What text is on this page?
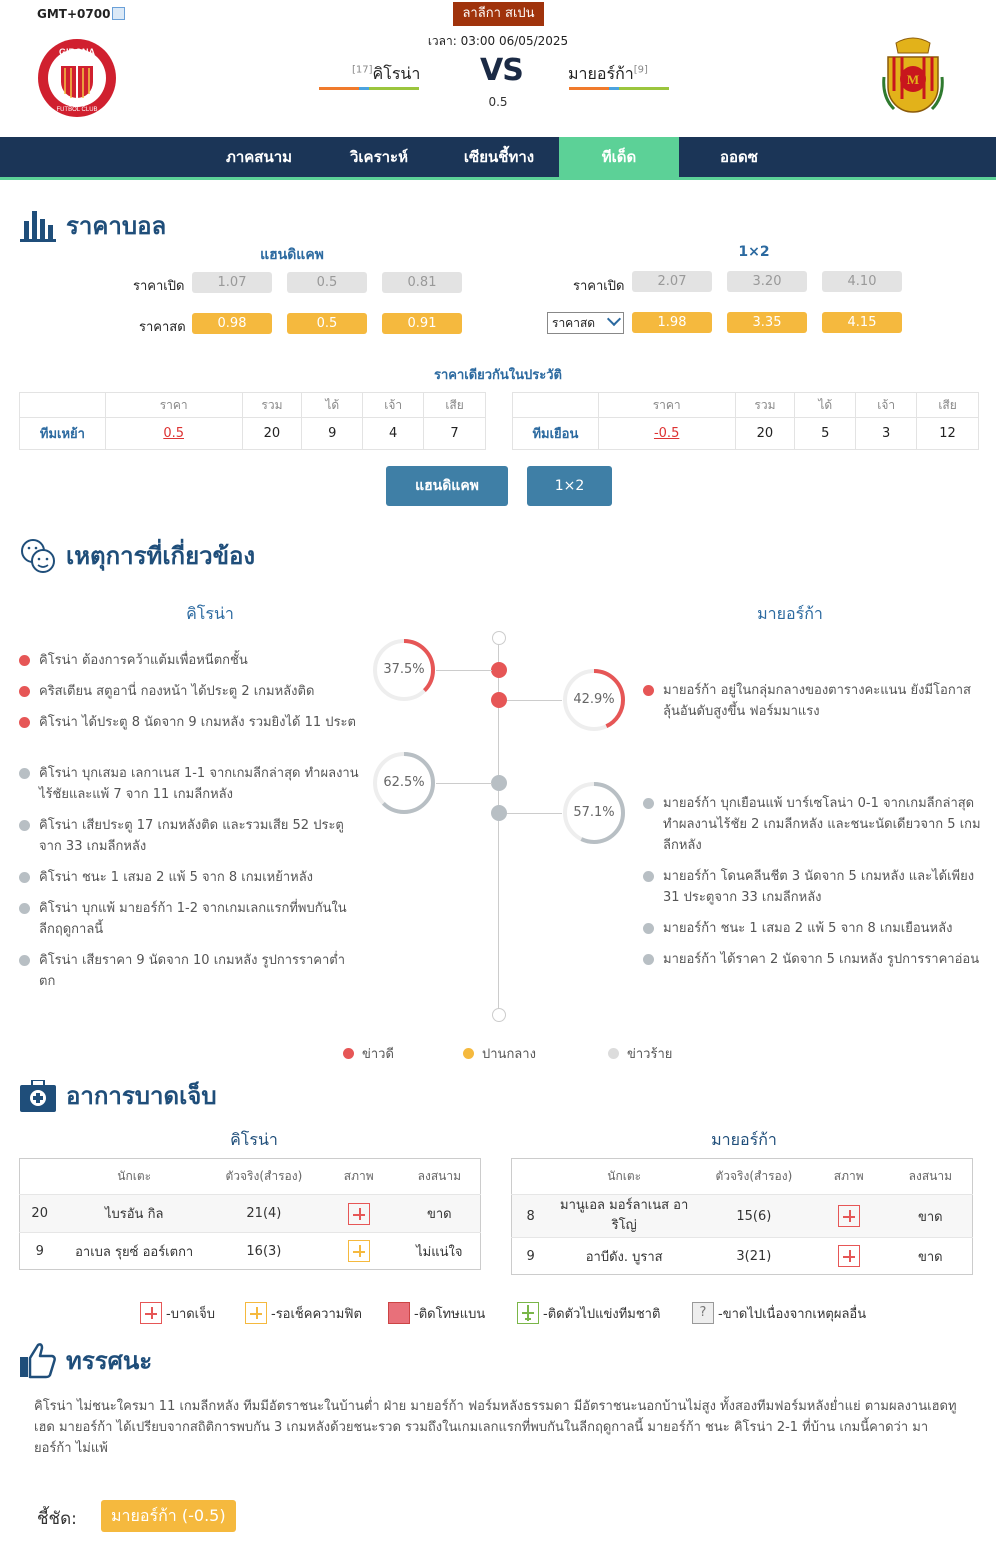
GMT+0700	ลาลีกา สเปน
เวลา: 03:00 06/05/2025
GIRONA
FUTBOL CLUB
[17]คิโรน่า VS
0.5
มายอร์ก้า[9]
M
ภาคสนาม	วิเคราะห์	เซียนชี้ทาง	ทีเด็ด	ออดซ
ราคาบอล
แฮนดิแคพ	1×2
ราคาเปิด	1.07	0.5	0.81
ราคาสด	0.98	0.5	0.91
ราคาเปิด	2.07	3.20	4.10
ราคาสด	1.98	3.35	4.15
ราคาเดียวกันในประวัติ
	ราคา	รวม	ได้	เจ้า	เสีย
ทีมเหย้า	0.5	20	9	4	7
	ราคา	รวม	ได้	เจ้า	เสีย
ทีมเยือน	-0.5	20	5	3	12
แฮนดิแคพ	1×2
เหตุการที่เกี่ยวข้อง
คิโรน่า	มายอร์ก้า
คิโรน่า ต้องการคว้าแต้มเพื่อหนีตกชั้น
คริสเตียน สตูอานี่ กองหน้า ได้ประตู 2 เกมหลังติด
คิโรน่า ได้ประตู 8 นัดจาก 9 เกมหลัง รวมยิงได้ 11 ประต
คิโรน่า บุกเสมอ เลกาเนส 1-1 จากเกมลีกล่าสุด ทำผลงานไร้ชัยและแพ้ 7 จาก 11 เกมลีกหลัง
คิโรน่า เสียประตู 17 เกมหลังติด และรวมเสีย 52 ประตูจาก 33 เกมลีกหลัง
คิโรน่า ชนะ 1 เสมอ 2 แพ้ 5 จาก 8 เกมเหย้าหลัง
คิโรน่า บุกแพ้ มายอร์ก้า 1-2 จากเกมเลกแรกที่พบกันในลีกฤดูกาลนี้
คิโรน่า เสียราคา 9 นัดจาก 10 เกมหลัง รูปการราคาต่ำตก
มายอร์ก้า อยู่ในกลุ่มกลางของตารางคะแนน ยังมีโอกาสลุ้นอันดับสูงขึ้น ฟอร์มมาแรง
มายอร์ก้า บุกเยือนแพ้ บาร์เซโลน่า 0-1 จากเกมลีกล่าสุด ทำผลงานไร้ชัย 2 เกมลีกหลัง และชนะนัดเดียวจาก 5 เกมลีกหลัง
มายอร์ก้า โดนคลีนชีต 3 นัดจาก 5 เกมหลัง และได้เพียง 31 ประตูจาก 33 เกมลีกหลัง
มายอร์ก้า ชนะ 1 เสมอ 2 แพ้ 5 จาก 8 เกมเยือนหลัง
มายอร์ก้า ได้ราคา 2 นัดจาก 5 เกมหลัง รูปการราคาอ่อน
37.5%
42.9%
62.5%
57.1%
ข่าวดี	ปานกลาง	ข่าวร้าย
อาการบาดเจ็บ
คิโรน่า	มายอร์ก้า
	นักเตะ	ตัวจริง(สำรอง)	สภาพ	ลงสนาม
20	ไบรอัน กิล	21(4)		ขาด
9	อาเบล รุยซ์ ออร์เตกา	16(3)		ไม่แน่ใจ
	นักเตะ	ตัวจริง(สำรอง)	สภาพ	ลงสนาม
8	มานูเอล มอร์ลาเนส อาริโญ่	15(6)		ขาด
9	อาบีดัง. บูราส	3(21)		ขาด
-บาดเจ็บ	-รอเช็คความฟิต	-ติดโทษแบน	-ติดตัวไปแข่งทีมชาติ	? -ขาดไปเนื่องจากเหตุผลอื่น
ทรรศนะ
คิโรน่า ไม่ชนะใครมา 11 เกมลีกหลัง ทีมมีอัตราชนะในบ้านต่ำ ฝ่าย มายอร์ก้า ฟอร์มหลังธรรมดา มีอัตราชนะนอกบ้านไม่สูง ทั้งสองทีมฟอร์มหลังย่ำแย่ ตามผลงานเฮดทูเฮด มายอร์ก้า ได้เปรียบจากสถิติการพบกัน 3 เกมหลังด้วยชนะรวด รวมถึงในเกมเลกแรกที่พบกันในลีกฤดูกาลนี้ มายอร์ก้า ชนะ คิโรน่า 2-1 ที่บ้าน เกมนี้คาดว่า มายอร์ก้า ไม่แพ้
ชี้ชัด:	มายอร์ก้า (-0.5)
